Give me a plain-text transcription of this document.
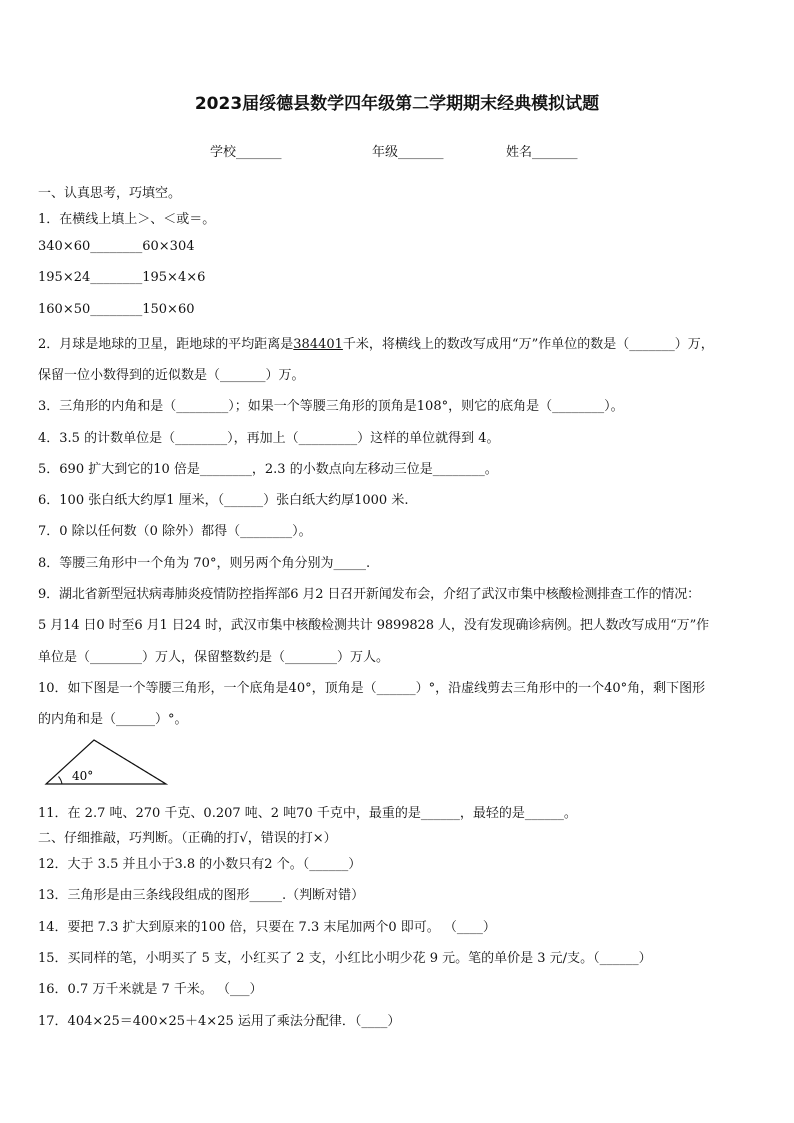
2023届绥德县数学四年级第二学期期末经典模拟试题
学校_______	年级_______	姓名_______
一、认真思考，巧填空。
1．在横线上填上＞、＜或＝。
340×60________60×304
195×24________195×4×6
160×50________150×60
2．月球是地球的卫星，距地球的平均距离是384401千米，将横线上的数改写成用“万”作单位的数是（_______）万，
保留一位小数得到的近似数是（_______）万。
3．三角形的内角和是（________）；如果一个等腰三角形的顶角是108°，则它的底角是（________）。
4．3.5 的计数单位是（________），再加上（_________）这样的单位就得到 4。
5．690 扩大到它的10 倍是________，2.3 的小数点向左移动三位是________。
6．100 张白纸大约厚1 厘米，（______）张白纸大约厚1000 米.
7．0 除以任何数（0 除外）都得（________）。
8．等腰三角形中一个角为 70°，则另两个角分别为_____.
9．湖北省新型冠状病毒肺炎疫情防控指挥部6 月2 日召开新闻发布会，介绍了武汉市集中核酸检测排查工作的情况：
5 月14 日0 时至6 月1 日24 时，武汉市集中核酸检测共计 9899828 人，没有发现确诊病例。把人数改写成用“万”作
单位是（________）万人，保留整数约是（________）万人。
10．如下图是一个等腰三角形，一个底角是40°，顶角是（______）°，沿虚线剪去三角形中的一个40°角，剩下图形
的内角和是（______）°。
40°
11．在 2.7 吨、270 千克、0.207 吨、2 吨70 千克中，最重的是______，最轻的是______。
二、仔细推敲，巧判断。（正确的打√，错误的打×）
12．大于 3.5 并且小于3.8 的小数只有2 个。（______）
13．三角形是由三条线段组成的图形_____.（判断对错）
14．要把 7.3 扩大到原来的100 倍，只要在 7.3 末尾加两个0 即可。 （____）
15．买同样的笔，小明买了 5 支，小红买了 2 支，小红比小明少花 9 元。笔的单价是 3 元/支。（______）
16．0.7 万千米就是 7 千米。 （___）
17．404×25＝400×25＋4×25 运用了乘法分配律．（____）
